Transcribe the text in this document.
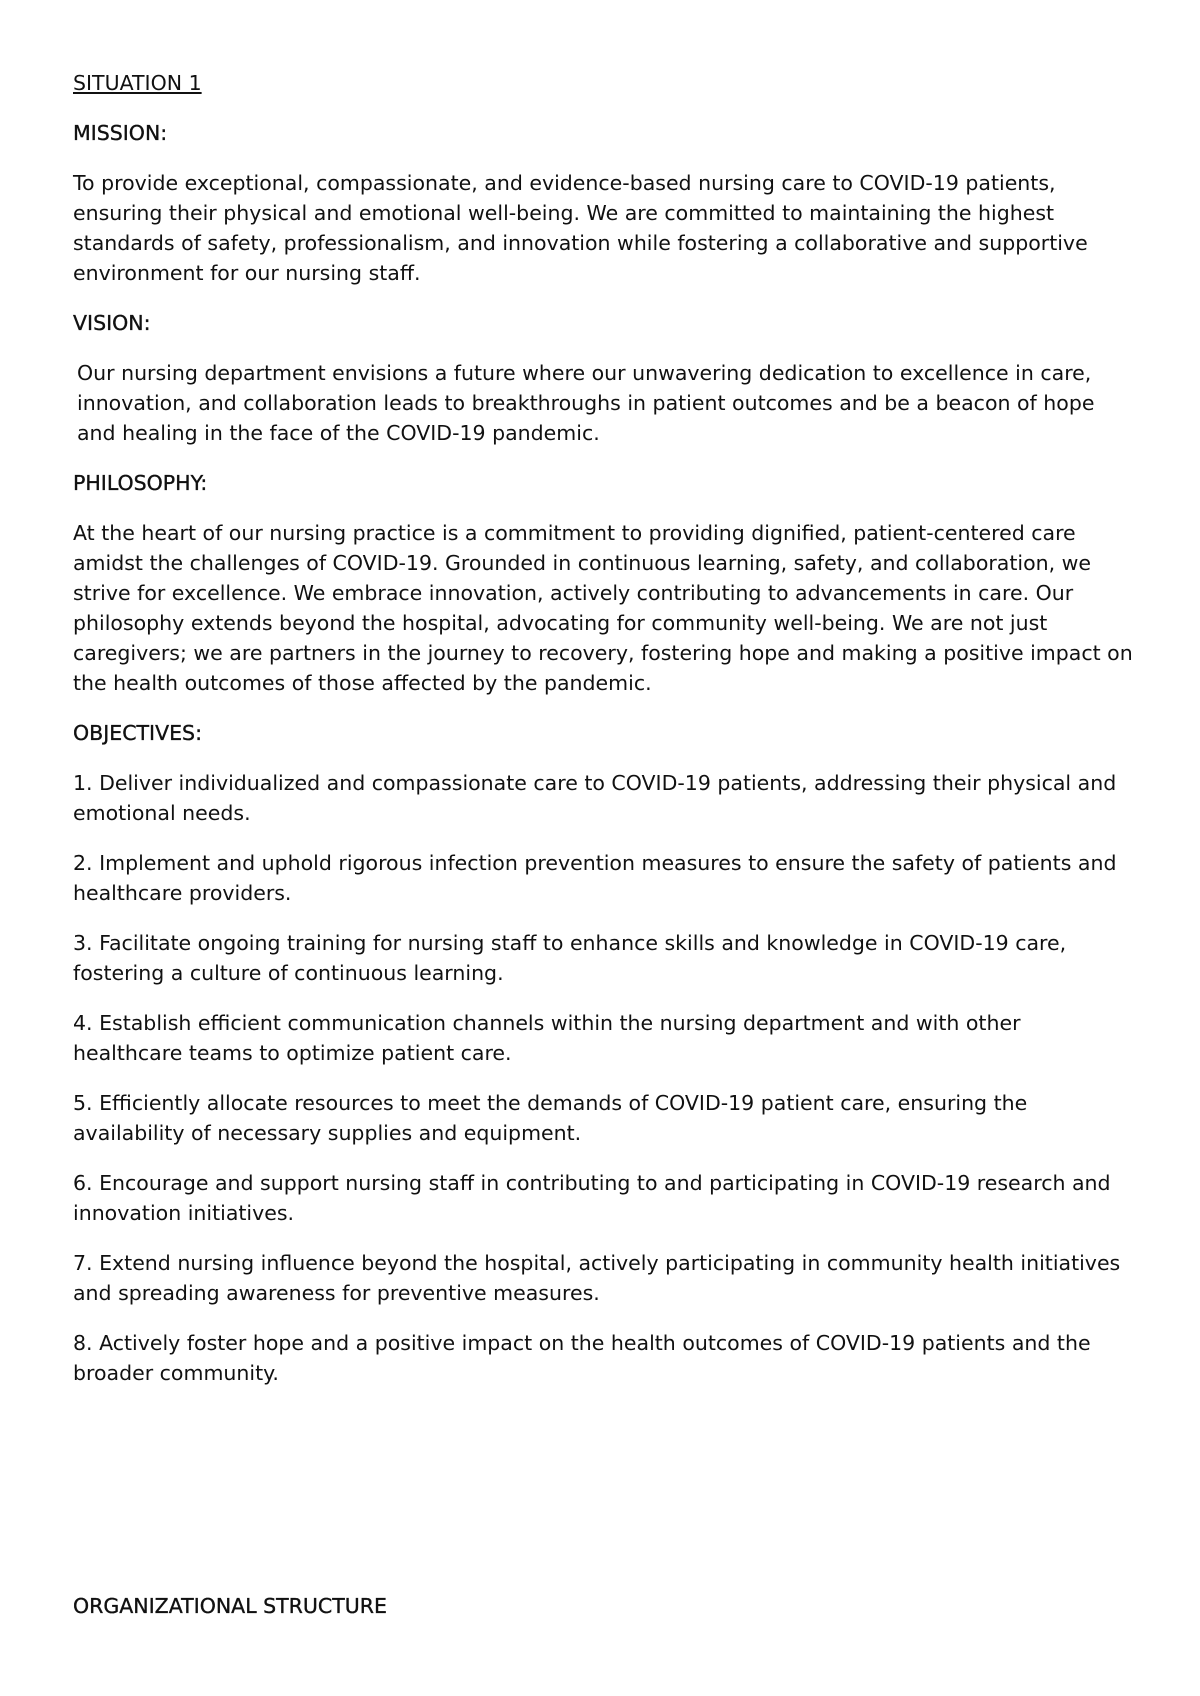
SITUATION 1
MISSION:
To provide exceptional, compassionate, and evidence-based nursing care to COVID-19 patients, ensuring their physical and emotional well-being. We are committed to maintaining the highest standards of safety, professionalism, and innovation while fostering a collaborative and supportive environment for our nursing staff.
VISION:
Our nursing department envisions a future where our unwavering dedication to excellence in care, innovation, and collaboration leads to breakthroughs in patient outcomes and be a beacon of hope and healing in the face of the COVID-19 pandemic.
PHILOSOPHY:
At the heart of our nursing practice is a commitment to providing dignified, patient-centered care amidst the challenges of COVID-19. Grounded in continuous learning, safety, and collaboration, we strive for excellence. We embrace innovation, actively contributing to advancements in care. Our philosophy extends beyond the hospital, advocating for community well-being. We are not just caregivers; we are partners in the journey to recovery, fostering hope and making a positive impact on the health outcomes of those affected by the pandemic.
OBJECTIVES:
1. Deliver individualized and compassionate care to COVID-19 patients, addressing their physical and emotional needs.
2. Implement and uphold rigorous infection prevention measures to ensure the safety of patients and healthcare providers.
3. Facilitate ongoing training for nursing staff to enhance skills and knowledge in COVID-19 care, fostering a culture of continuous learning.
4. Establish efficient communication channels within the nursing department and with other healthcare teams to optimize patient care.
5. Efficiently allocate resources to meet the demands of COVID-19 patient care, ensuring the availability of necessary supplies and equipment.
6. Encourage and support nursing staff in contributing to and participating in COVID-19 research and innovation initiatives.
7. Extend nursing influence beyond the hospital, actively participating in community health initiatives and spreading awareness for preventive measures.
8. Actively foster hope and a positive impact on the health outcomes of COVID-19 patients and the broader community.
ORGANIZATIONAL STRUCTURE
